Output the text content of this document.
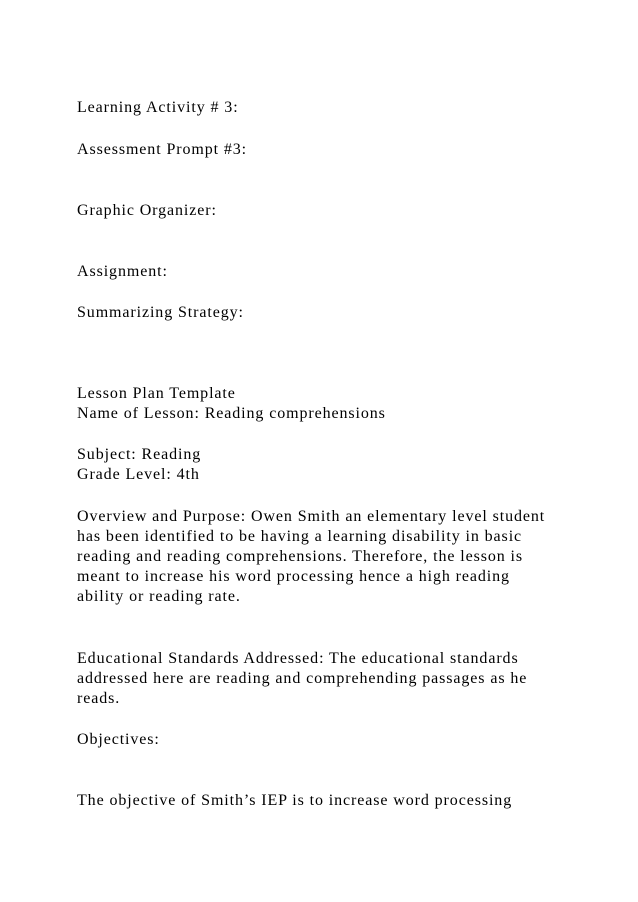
Learning Activity # 3:

Assessment Prompt #3:

Graphic Organizer:

Assignment:

Summarizing Strategy:

Lesson Plan Template

Name of Lesson: Reading comprehensions

Subject: Reading

Grade Level: 4th

Overview and Purpose: Owen Smith an elementary level student

has been identified to be having a learning disability in basic

reading and reading comprehensions. Therefore, the lesson is

meant to increase his word processing hence a high reading

ability or reading rate.

Educational Standards Addressed: The educational standards

addressed here are reading and comprehending passages as he

reads.

Objectives:

The objective of Smith’s IEP is to increase word processing
